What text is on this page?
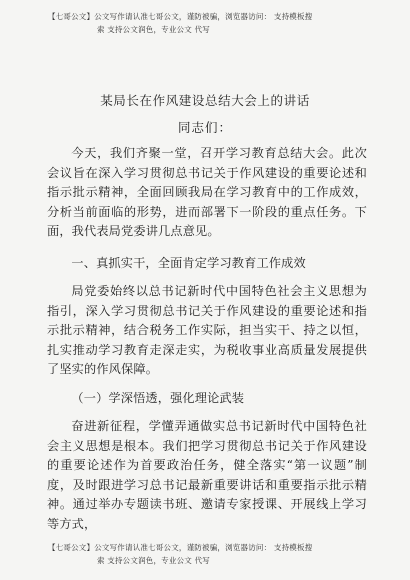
【七哥公文】公文写作请认准七哥公文，谨防被骗，浏览器访问： 支持模板搜
索 支持公文润色，专业公文 代写
某局长在作风建设总结大会上的讲话
同志们：

今天，我们齐聚一堂，召开学习教育总结大会。此次会议旨在深入学习贯彻总书记关于作风建设的重要论述和指示批示精神，全面回顾我局在学习教育中的工作成效，分析当前面临的形势，进而部署下一阶段的重点任务。下面，我代表局党委讲几点意见。

一、真抓实干，全面肯定学习教育工作成效

局党委始终以总书记新时代中国特色社会主义思想为指引，深入学习贯彻总书记关于作风建设的重要论述和指示批示精神，结合税务工作实际，担当实干、持之以恒，扎实推动学习教育走深走实，为税收事业高质量发展提供了坚实的作风保障。

（一）学深悟透，强化理论武装

奋进新征程，学懂弄通做实总书记新时代中国特色社会主义思想是根本。我们把学习贯彻总书记关于作风建设的重要论述作为首要政治任务，健全落实“第一议题”制度，及时跟进学习总书记最新重要讲话和重要指示批示精神。通过举办专题读书班、邀请专家授课、开展线上学习等方式，

【七哥公文】公文写作请认准七哥公文，谨防被骗，浏览器访问： 支持模板搜
索 支持公文润色，专业公文 代写
